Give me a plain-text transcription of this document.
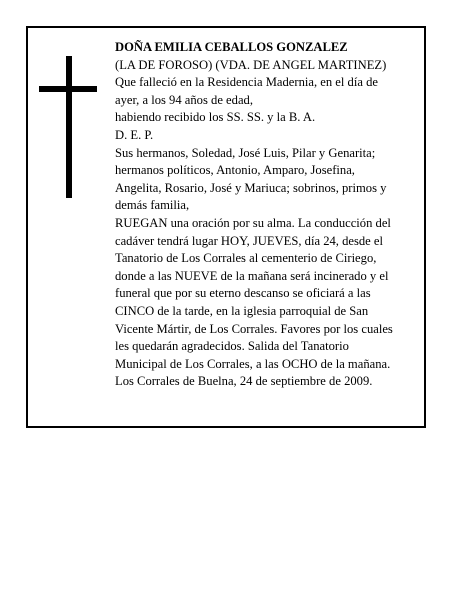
DOÑA EMILIA CEBALLOS GONZALEZ
(LA DE FOROSO) (VDA. DE ANGEL MARTINEZ)
Que falleció en la Residencia Madernia, en el día de
ayer, a los 94 años de edad,
habiendo recibido los SS. SS. y la B. A.
D. E. P.
Sus hermanos, Soledad, José Luis, Pilar y Genarita;
hermanos políticos, Antonio, Amparo, Josefina,
Angelita, Rosario, José y Mariuca; sobrinos, primos y
demás familia,
RUEGAN una oración por su alma. La conducción del
cadáver tendrá lugar HOY, JUEVES, día 24, desde el
Tanatorio de Los Corrales al cementerio de Ciriego,
donde a las NUEVE de la mañana será incinerado y el
funeral que por su eterno descanso se oficiará a las
CINCO de la tarde, en la iglesia parroquial de San
Vicente Mártir, de Los Corrales. Favores por los cuales
les quedarán agradecidos. Salida del Tanatorio
Municipal de Los Corrales, a las OCHO de la mañana.
Los Corrales de Buelna, 24 de septiembre de 2009.
